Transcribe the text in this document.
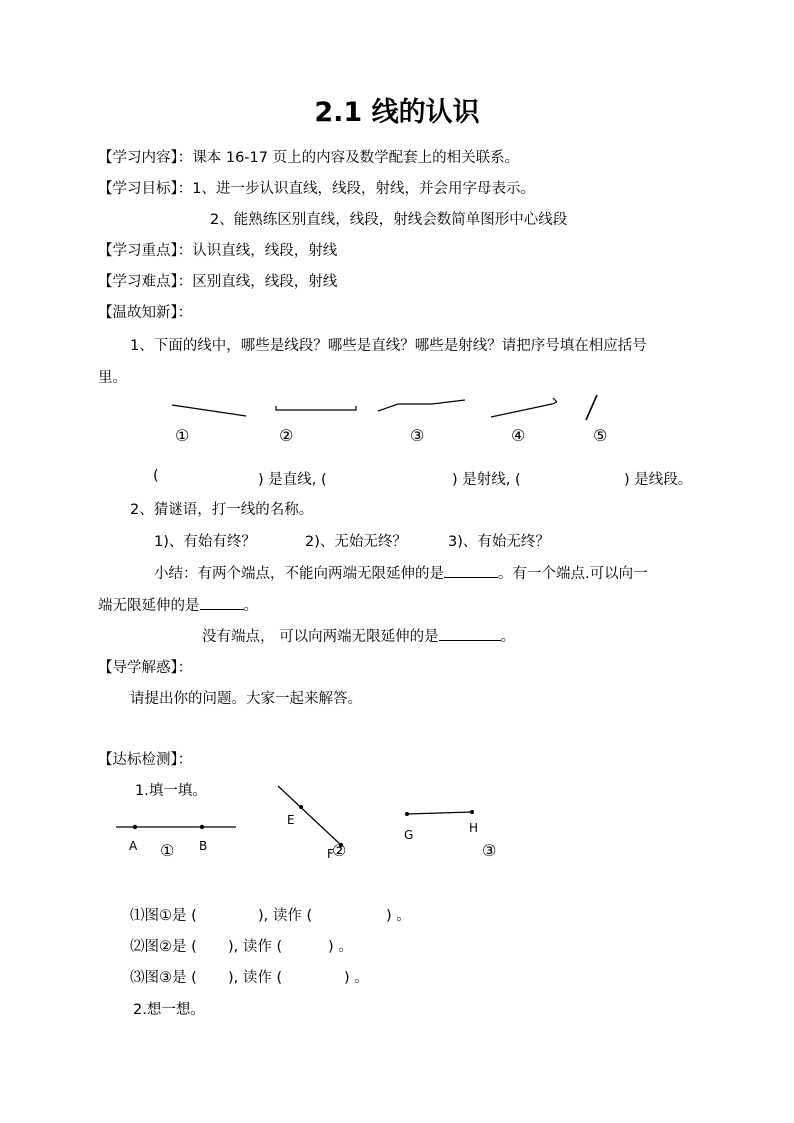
2.1 线的认识
【学习内容】：课本 16-17 页上的内容及数学配套上的相关联系。
【学习目标】：1、进一步认识直线，线段，射线，并会用字母表示。
2、能熟练区别直线，线段，射线会数简单图形中心线段
【学习重点】：认识直线，线段，射线
【学习难点】：区别直线，线段，射线
【温故知新】：
1、下面的线中，哪些是线段？哪些是直线？哪些是射线？请把序号填在相应括号
里。
①	②	③	④	⑤
(	) 是直线, (	) 是射线, (	) 是线段。
2、猜谜语，打一线的名称。
1)、有始有终？	2)、无始无终？	3)、有始无终？
小结：有两个端点，不能向两端无限延伸的是	。有一个端点.可以向一
端无限延伸的是	。
没有端点， 可以向两端无限延伸的是	。
【导学解惑】：
请提出你的问题。大家一起来解答。
【达标检测】：
1.填一填。
A	B
E
F
G	H
①	②	③
⑴图①是 (	), 读作 (	) 。
⑵图②是 ( ), 读作 (	) 。
⑶图③是 ( ), 读作 (	) 。
2.想一想。
